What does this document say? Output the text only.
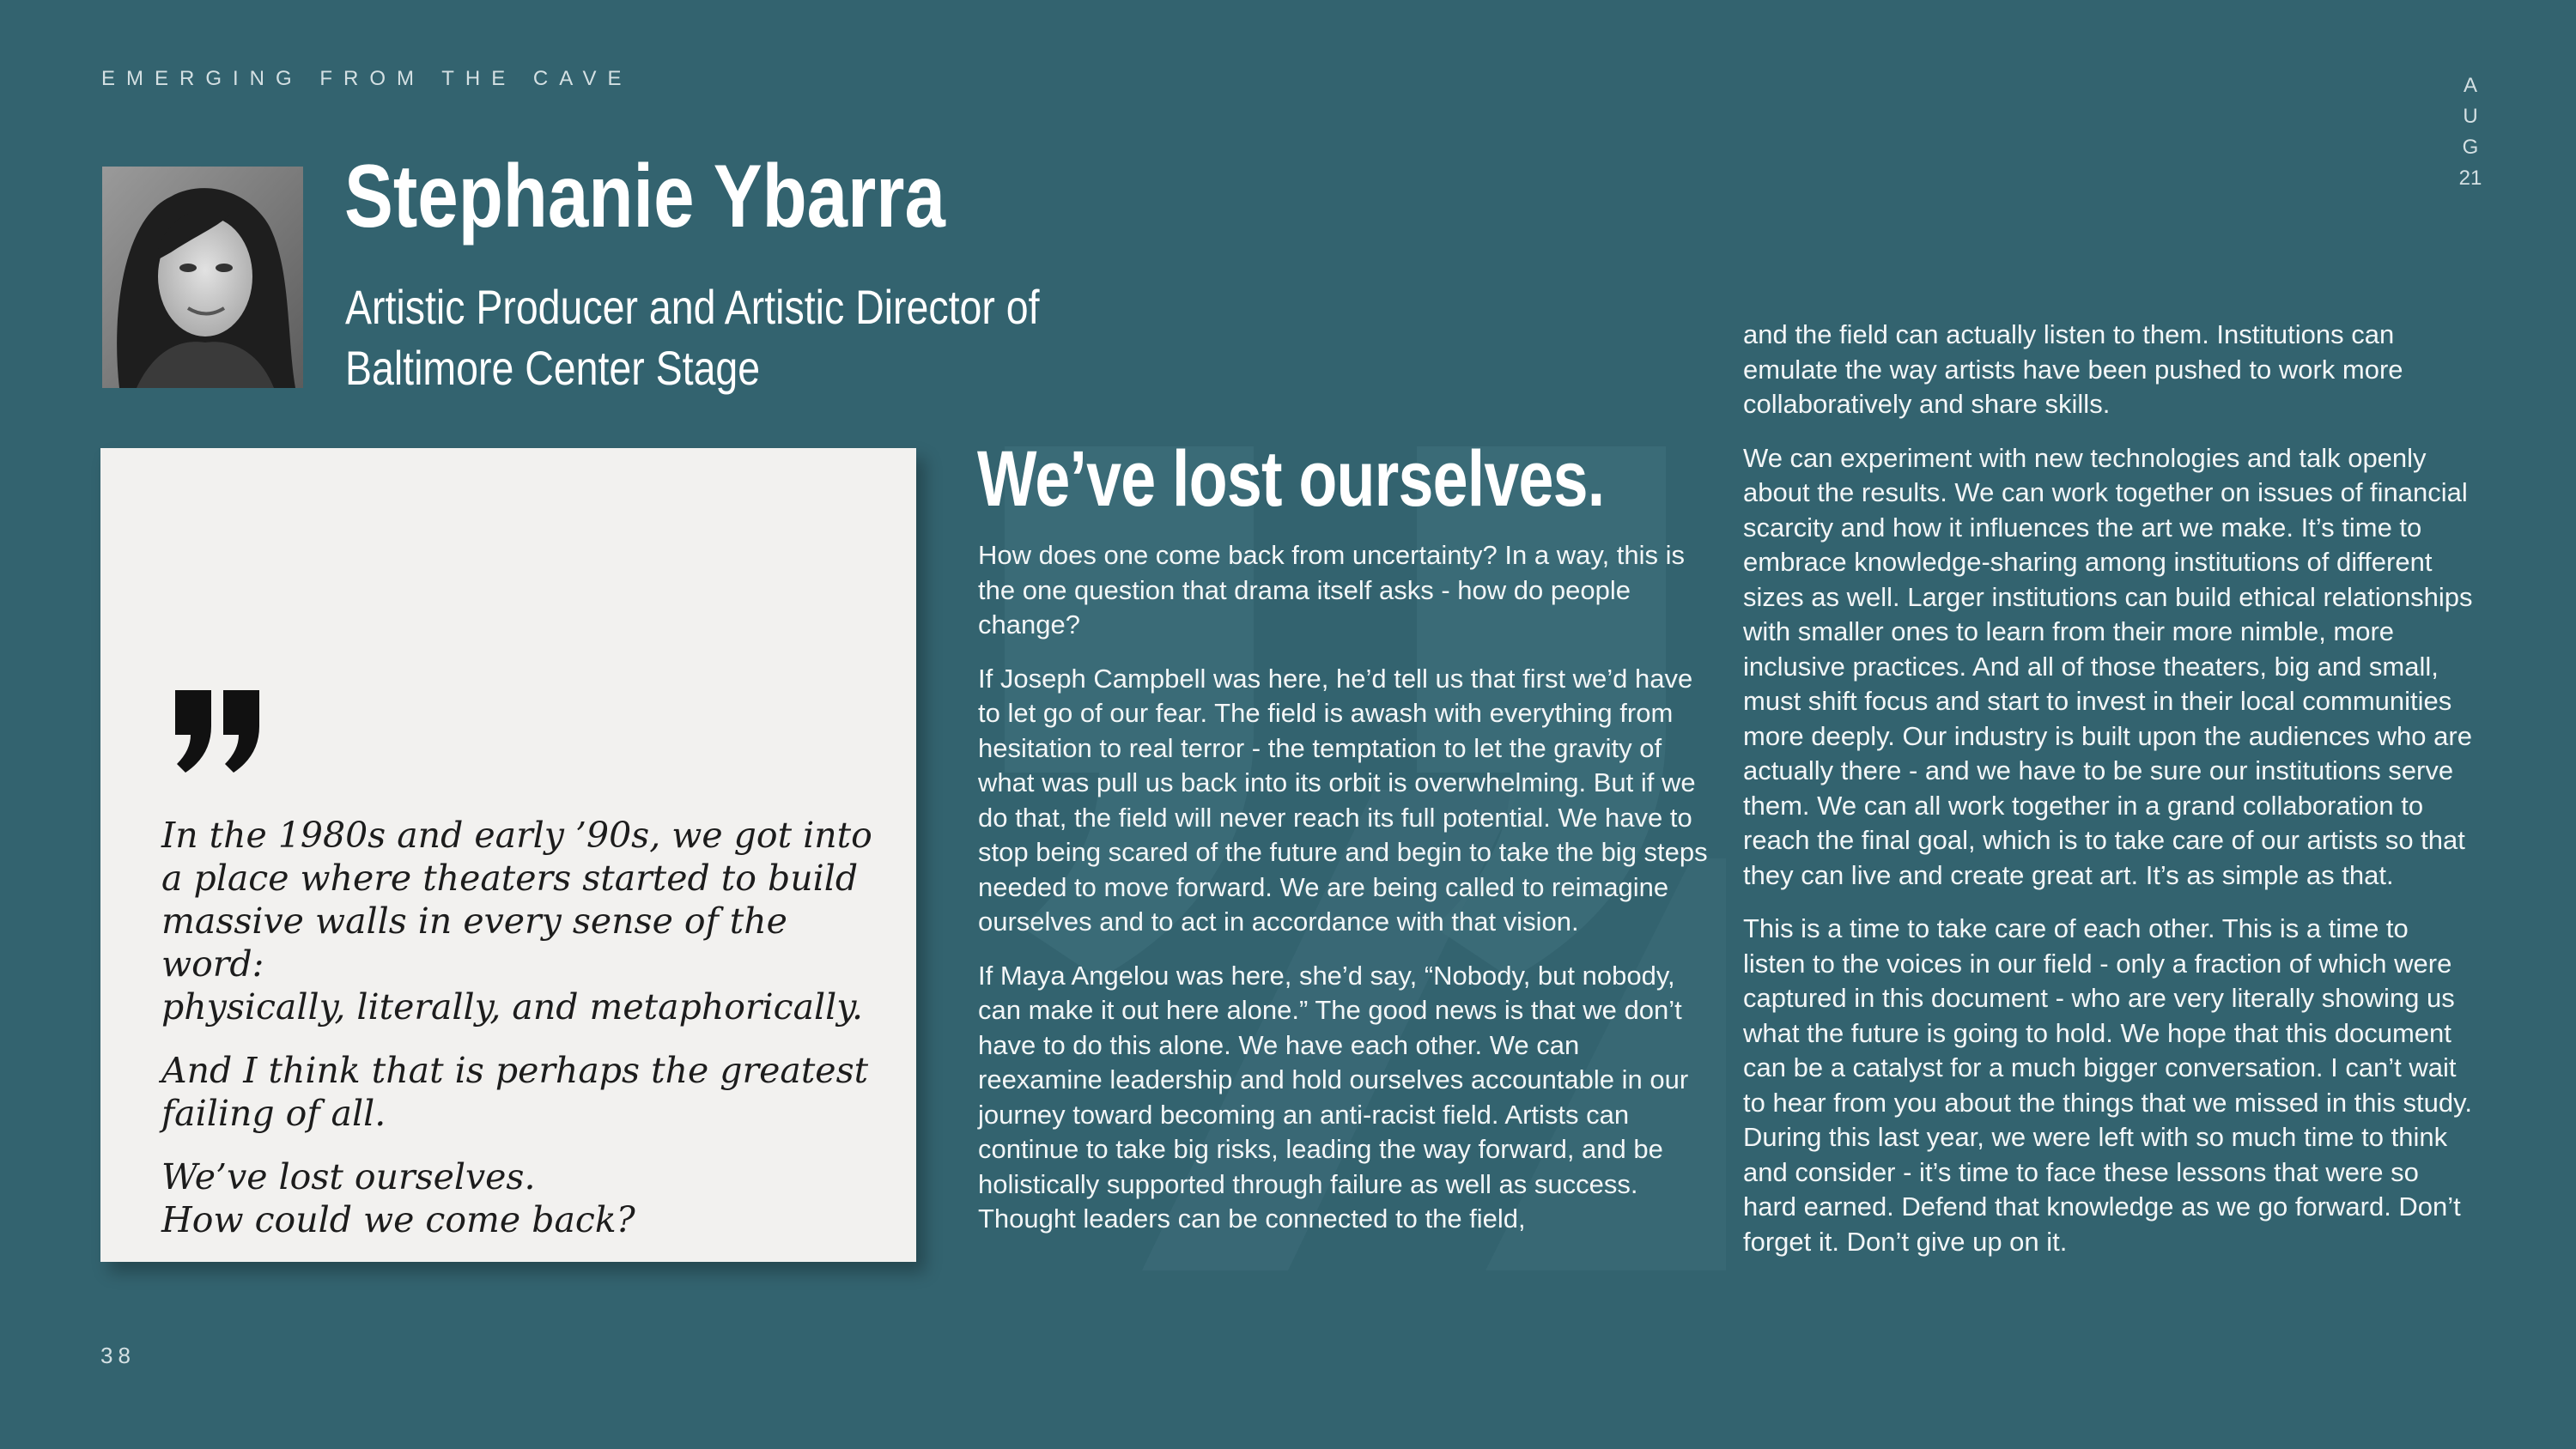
EMERGING FROM THE CAVE	AUG 21
Stephanie Ybarra
Artistic Producer and Artistic Director of
Baltimore Center Stage

In the 1980s and early ’90s, we got into
a place where theaters started to build
massive walls in every sense of the word:
physically, literally, and metaphorically.

And I think that is perhaps the greatest
failing of all.

We’ve lost ourselves.
How could we come back?

We’ve lost ourselves.

How does one come back from uncertainty? In a way, this is the one question that drama itself asks - how do people change?

If Joseph Campbell was here, he’d tell us that first we’d have to let go of our fear. The field is awash with everything from hesitation to real terror - the temptation to let the gravity of what was pull us back into its orbit is overwhelming. But if we do that, the field will never reach its full potential. We have to stop being scared of the future and begin to take the big steps needed to move forward. We are being called to reimagine ourselves and to act in accordance with that vision.

If Maya Angelou was here, she’d say, “Nobody, but nobody, can make it out here alone.” The good news is that we don’t have to do this alone. We have each other. We can reexamine leadership and hold ourselves accountable in our journey toward becoming an anti-racist field. Artists can continue to take big risks, leading the way forward, and be holistically supported through failure as well as success. Thought leaders can be connected to the field,

and the field can actually listen to them. Institutions can emulate the way artists have been pushed to work more collaboratively and share skills.

We can experiment with new technologies and talk openly about the results. We can work together on issues of financial scarcity and how it influences the art we make. It’s time to embrace knowledge-sharing among institutions of different sizes as well. Larger institutions can build ethical relationships with smaller ones to learn from their more nimble, more inclusive practices. And all of those theaters, big and small, must shift focus and start to invest in their local communities more deeply. Our industry is built upon the audiences who are actually there - and we have to be sure our institutions serve them. We can all work together in a grand collaboration to reach the final goal, which is to take care of our artists so that they can live and create great art. It’s as simple as that.

This is a time to take care of each other. This is a time to listen to the voices in our field - only a fraction of which were captured in this document - who are very literally showing us what the future is going to hold. We hope that this document can be a catalyst for a much bigger conversation. I can’t wait to hear from you about the things that we missed in this study. During this last year, we were left with so much time to think and consider - it’s time to face these lessons that were so hard earned. Defend that knowledge as we go forward. Don’t forget it. Don’t give up on it.

38
